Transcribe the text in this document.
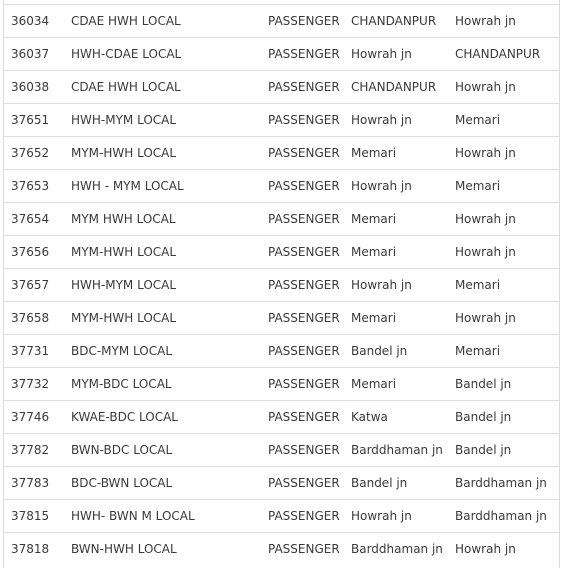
36034	CDAE HWH LOCAL	PASSENGER	CHANDANPUR	Howrah jn
36037	HWH-CDAE LOCAL	PASSENGER	Howrah jn	CHANDANPUR
36038	CDAE HWH LOCAL	PASSENGER	CHANDANPUR	Howrah jn
37651	HWH-MYM LOCAL	PASSENGER	Howrah jn	Memari
37652	MYM-HWH LOCAL	PASSENGER	Memari	Howrah jn
37653	HWH - MYM LOCAL	PASSENGER	Howrah jn	Memari
37654	MYM HWH LOCAL	PASSENGER	Memari	Howrah jn
37656	MYM-HWH LOCAL	PASSENGER	Memari	Howrah jn
37657	HWH-MYM LOCAL	PASSENGER	Howrah jn	Memari
37658	MYM-HWH LOCAL	PASSENGER	Memari	Howrah jn
37731	BDC-MYM LOCAL	PASSENGER	Bandel jn	Memari
37732	MYM-BDC LOCAL	PASSENGER	Memari	Bandel jn
37746	KWAE-BDC LOCAL	PASSENGER	Katwa	Bandel jn
37782	BWN-BDC LOCAL	PASSENGER	Barddhaman jn	Bandel jn
37783	BDC-BWN LOCAL	PASSENGER	Bandel jn	Barddhaman jn
37815	HWH- BWN M LOCAL	PASSENGER	Howrah jn	Barddhaman jn
37818	BWN-HWH LOCAL	PASSENGER	Barddhaman jn	Howrah jn
